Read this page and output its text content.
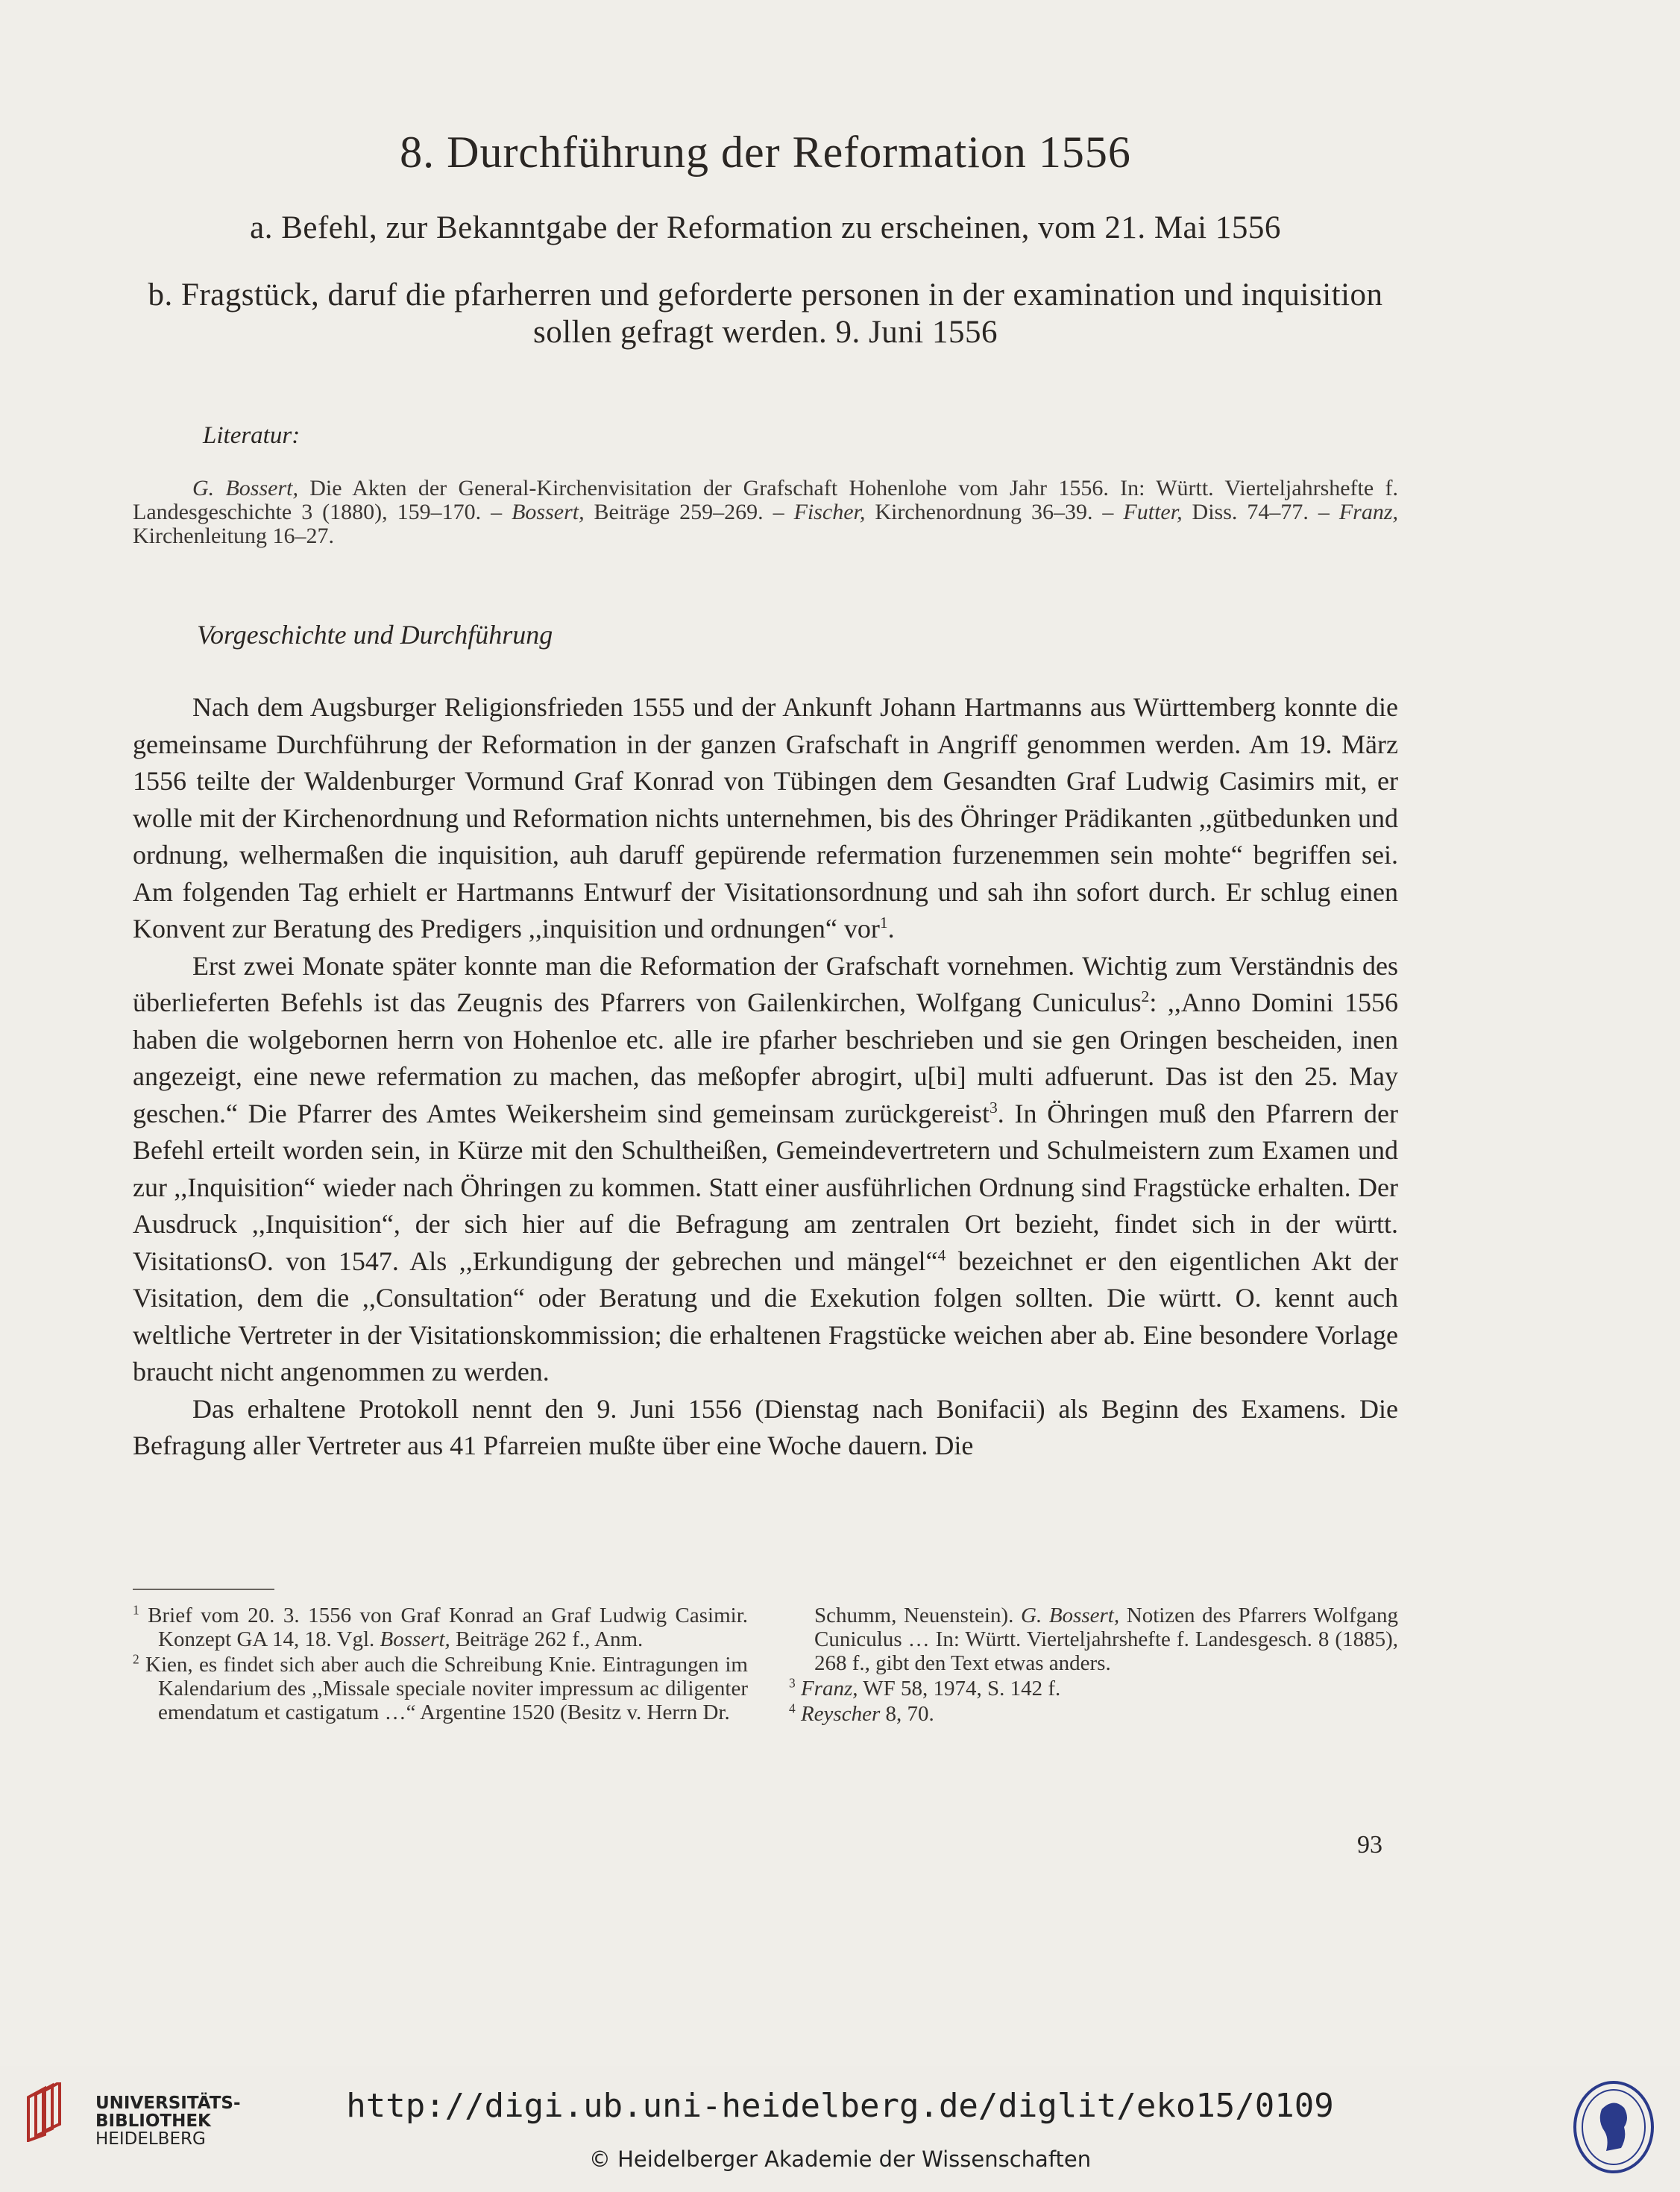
8. Durchführung der Reformation 1556

a. Befehl, zur Bekanntgabe der Reformation zu erscheinen, vom 21. Mai 1556

b. Fragstück, daruf die pfarherren und geforderte personen in der examination und inquisition sollen gefragt werden. 9. Juni 1556

Literatur:

G. Bossert, Die Akten der General-Kirchenvisitation der Grafschaft Hohenlohe vom Jahr 1556. In: Württ. Vierteljahrshefte f. Landesgeschichte 3 (1880), 159–170. – Bossert, Beiträge 259–269. – Fischer, Kirchenordnung 36–39. – Futter, Diss. 74–77. – Franz, Kirchenleitung 16–27.

Vorgeschichte und Durchführung

Nach dem Augsburger Religionsfrieden 1555 und der Ankunft Johann Hartmanns aus Württemberg konnte die gemeinsame Durchführung der Reformation in der ganzen Grafschaft in Angriff genommen werden. Am 19. März 1556 teilte der Waldenburger Vormund Graf Konrad von Tübingen dem Gesandten Graf Ludwig Casimirs mit, er wolle mit der Kirchenordnung und Reformation nichts unternehmen, bis des Öhringer Prädikanten ,,gütbedunken und ordnung, welhermaßen die inquisition, auh daruff gepürende refermation furzenemmen sein mohte“ begriffen sei. Am folgenden Tag erhielt er Hartmanns Entwurf der Visitationsordnung und sah ihn sofort durch. Er schlug einen Konvent zur Beratung des Predigers ,,inquisition und ordnungen“ vor$^1$.

Erst zwei Monate später konnte man die Reformation der Grafschaft vornehmen. Wichtig zum Verständnis des überlieferten Befehls ist das Zeugnis des Pfarrers von Gailenkirchen, Wolfgang Cuniculus$^2$: ,,Anno Domini 1556 haben die wolgebornen herrn von Hohenloe etc. alle ire pfarher beschrieben und sie gen Oringen bescheiden, inen angezeigt, eine newe refermation zu machen, das meßopfer abrogirt, u[bi] multi adfuerunt. Das ist den 25. May geschen.“ Die Pfarrer des Amtes Weikersheim sind gemeinsam zurückgereist$^3$. In Öhringen muß den Pfarrern der Befehl erteilt worden sein, in Kürze mit den Schultheißen, Gemeindevertretern und Schulmeistern zum Examen und zur ,,Inquisition“ wieder nach Öhringen zu kommen. Statt einer ausführlichen Ordnung sind Fragstücke erhalten. Der Ausdruck ,,Inquisition“, der sich hier auf die Befragung am zentralen Ort bezieht, findet sich in der württ. VisitationsO. von 1547. Als ,,Erkundigung der gebrechen und mängel“$^4$ bezeichnet er den eigentlichen Akt der Visitation, dem die ,,Consultation“ oder Beratung und die Exekution folgen sollten. Die württ. O. kennt auch weltliche Vertreter in der Visitationskommission; die erhaltenen Fragstücke weichen aber ab. Eine besondere Vorlage braucht nicht angenommen zu werden.

Das erhaltene Protokoll nennt den 9. Juni 1556 (Dienstag nach Bonifacii) als Beginn des Examens. Die Befragung aller Vertreter aus 41 Pfarreien mußte über eine Woche dauern. Die

$^1$ Brief vom 20. 3. 1556 von Graf Konrad an Graf Ludwig Casimir. Konzept GA 14, 18. Vgl. Bossert, Beiträge 262 f., Anm.

$^2$ Kien, es findet sich aber auch die Schreibung Knie. Eintragungen im Kalendarium des ,,Missale speciale noviter impressum ac diligenter emendatum et castigatum …“ Argentine 1520 (Besitz v. Herrn Dr.

Schumm, Neuenstein). G. Bossert, Notizen des Pfarrers Wolfgang Cuniculus … In: Württ. Vierteljahrshefte f. Landesgesch. 8 (1885), 268 f., gibt den Text etwas anders.

$^3$ Franz, WF 58, 1974, S. 142 f.

$^4$ Reyscher 8, 70.

93
UNIVERSITÄTS-
BIBLIOTHEK
HEIDELBERG
http://digi.ub.uni-heidelberg.de/diglit/eko15/0109
© Heidelberger Akademie der Wissenschaften
